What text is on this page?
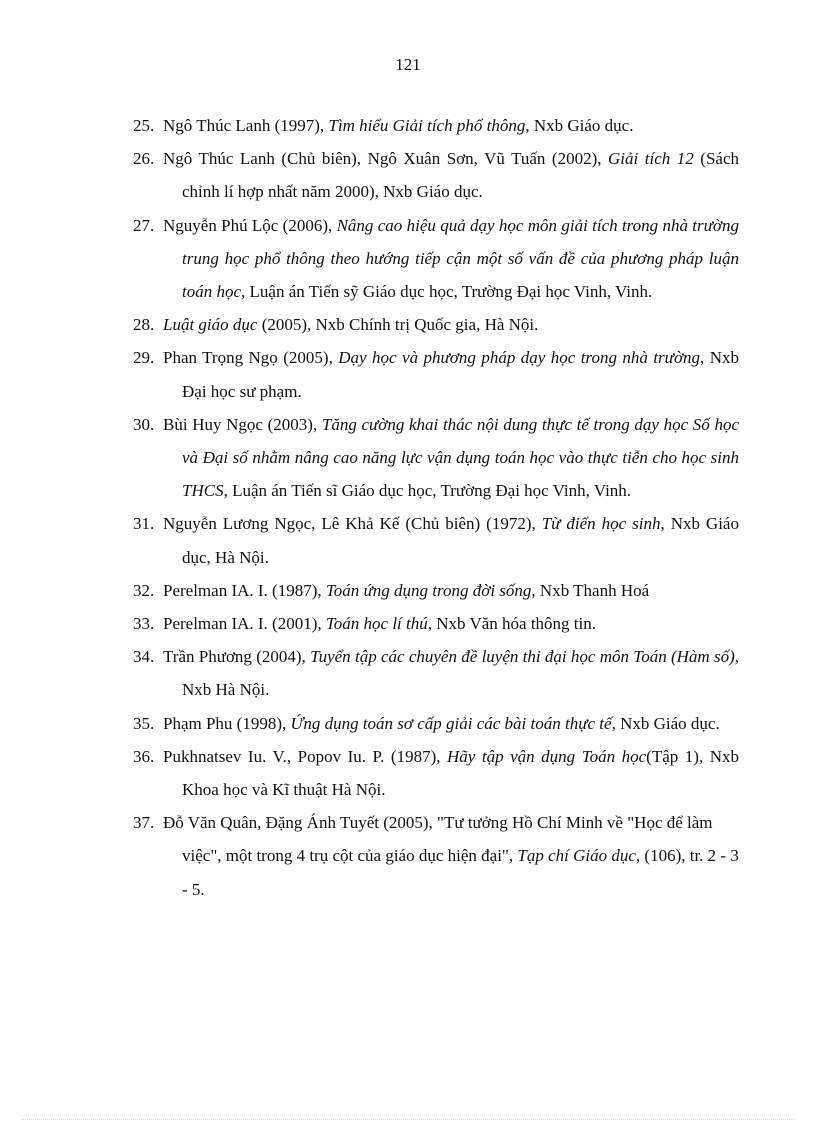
121
25. Ngô Thúc Lanh (1997), Tìm hiểu Giải tích phổ thông, Nxb Giáo dục.
26. Ngô Thúc Lanh (Chủ biên), Ngô Xuân Sơn, Vũ Tuấn (2002), Giải tích 12 (Sách chỉnh lí hợp nhất năm 2000), Nxb Giáo dục.
27. Nguyễn Phú Lộc (2006), Nâng cao hiệu quả dạy học môn giải tích trong nhà trường trung học phổ thông theo hướng tiếp cận một số vấn đề của phương pháp luận toán học, Luận án Tiến sỹ Giáo dục học, Trường Đại học Vinh, Vinh.
28. Luật giáo dục (2005), Nxb Chính trị Quốc gia, Hà Nội.
29. Phan Trọng Ngọ (2005), Dạy học và phương pháp dạy học trong nhà trường, Nxb Đại học sư phạm.
30. Bùi Huy Ngọc (2003), Tăng cường khai thác nội dung thực tế trong dạy học Số học và Đại số nhằm nâng cao năng lực vận dụng toán học vào thực tiễn cho học sinh THCS, Luận án Tiến sĩ Giáo dục học, Trường Đại học Vinh, Vinh.
31. Nguyễn Lương Ngọc, Lê Khả Kế (Chủ biên) (1972), Từ điển học sinh, Nxb Giáo dục, Hà Nội.
32. Perelman IA. I. (1987), Toán ứng dụng trong đời sống, Nxb Thanh Hoá
33. Perelman IA. I. (2001), Toán học lí thú, Nxb Văn hóa thông tin.
34. Trần Phương (2004), Tuyển tập các chuyên đề luyện thi đại học môn Toán (Hàm số), Nxb Hà Nội.
35. Phạm Phu (1998), Ứng dụng toán sơ cấp giải các bài toán thực tế, Nxb Giáo dục.
36. Pukhnatsev Iu. V., Popov Iu. P. (1987), Hãy tập vận dụng Toán học(Tập 1), Nxb Khoa học và Kĩ thuật Hà Nội.
37. Đỗ Văn Quân, Đặng Ánh Tuyết (2005), "Tư tưởng Hồ Chí Minh về "Học để làm việc", một trong 4 trụ cột của giáo dục hiện đại", Tạp chí Giáo dục, (106), tr. 2 - 3 - 5.
